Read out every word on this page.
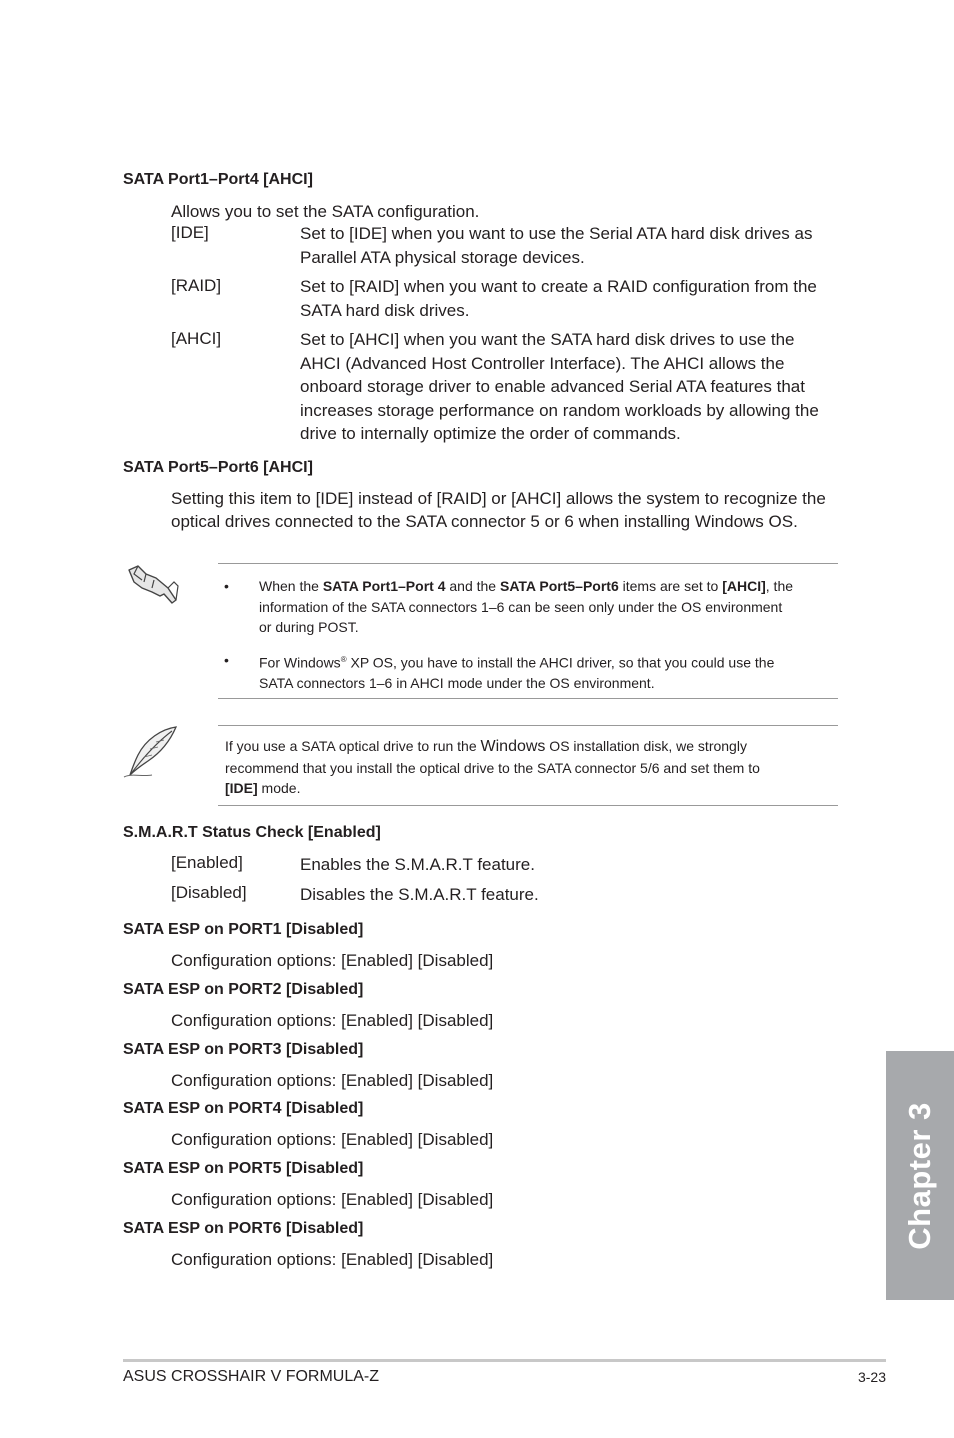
SATA Port1–Port4 [AHCI]
Allows you to set the SATA configuration.
[IDE]	Set to [IDE] when you want to use the Serial ATA hard disk drives as
Parallel ATA physical storage devices.
[RAID]	Set to [RAID] when you want to create a RAID configuration from the
SATA hard disk drives.
[AHCI]	Set to [AHCI] when you want the SATA hard disk drives to use the
AHCI (Advanced Host Controller Interface). The AHCI allows the
onboard storage driver to enable advanced Serial ATA features that
increases storage performance on random workloads by allowing the
drive to internally optimize the order of commands.
SATA Port5–Port6 [AHCI]
Setting this item to [IDE] instead of [RAID] or [AHCI] allows the system to recognize the
optical drives connected to the SATA connector 5 or 6 when installing Windows OS.
• When the SATA Port1–Port 4 and the SATA Port5–Port6 items are set to [AHCI], the
information of the SATA connectors 1–6 can be seen only under the OS environment
or during POST.
• For Windows® XP OS, you have to install the AHCI driver, so that you could use the
SATA connectors 1–6 in AHCI mode under the OS environment.
If you use a SATA optical drive to run the Windows OS installation disk, we strongly
recommend that you install the optical drive to the SATA connector 5/6 and set them to
[IDE] mode.
S.M.A.R.T Status Check [Enabled]
[Enabled]	Enables the S.M.A.R.T feature.
[Disabled]	Disables the S.M.A.R.T feature.
SATA ESP on PORT1 [Disabled]
Configuration options: [Enabled] [Disabled]
SATA ESP on PORT2 [Disabled]
Configuration options: [Enabled] [Disabled]
SATA ESP on PORT3 [Disabled]
Configuration options: [Enabled] [Disabled]
SATA ESP on PORT4 [Disabled]
Configuration options: [Enabled] [Disabled]
SATA ESP on PORT5 [Disabled]
Configuration options: [Enabled] [Disabled]
SATA ESP on PORT6 [Disabled]
Configuration options: [Enabled] [Disabled]
Chapter 3
ASUS CROSSHAIR V FORMULA-Z	3-23
